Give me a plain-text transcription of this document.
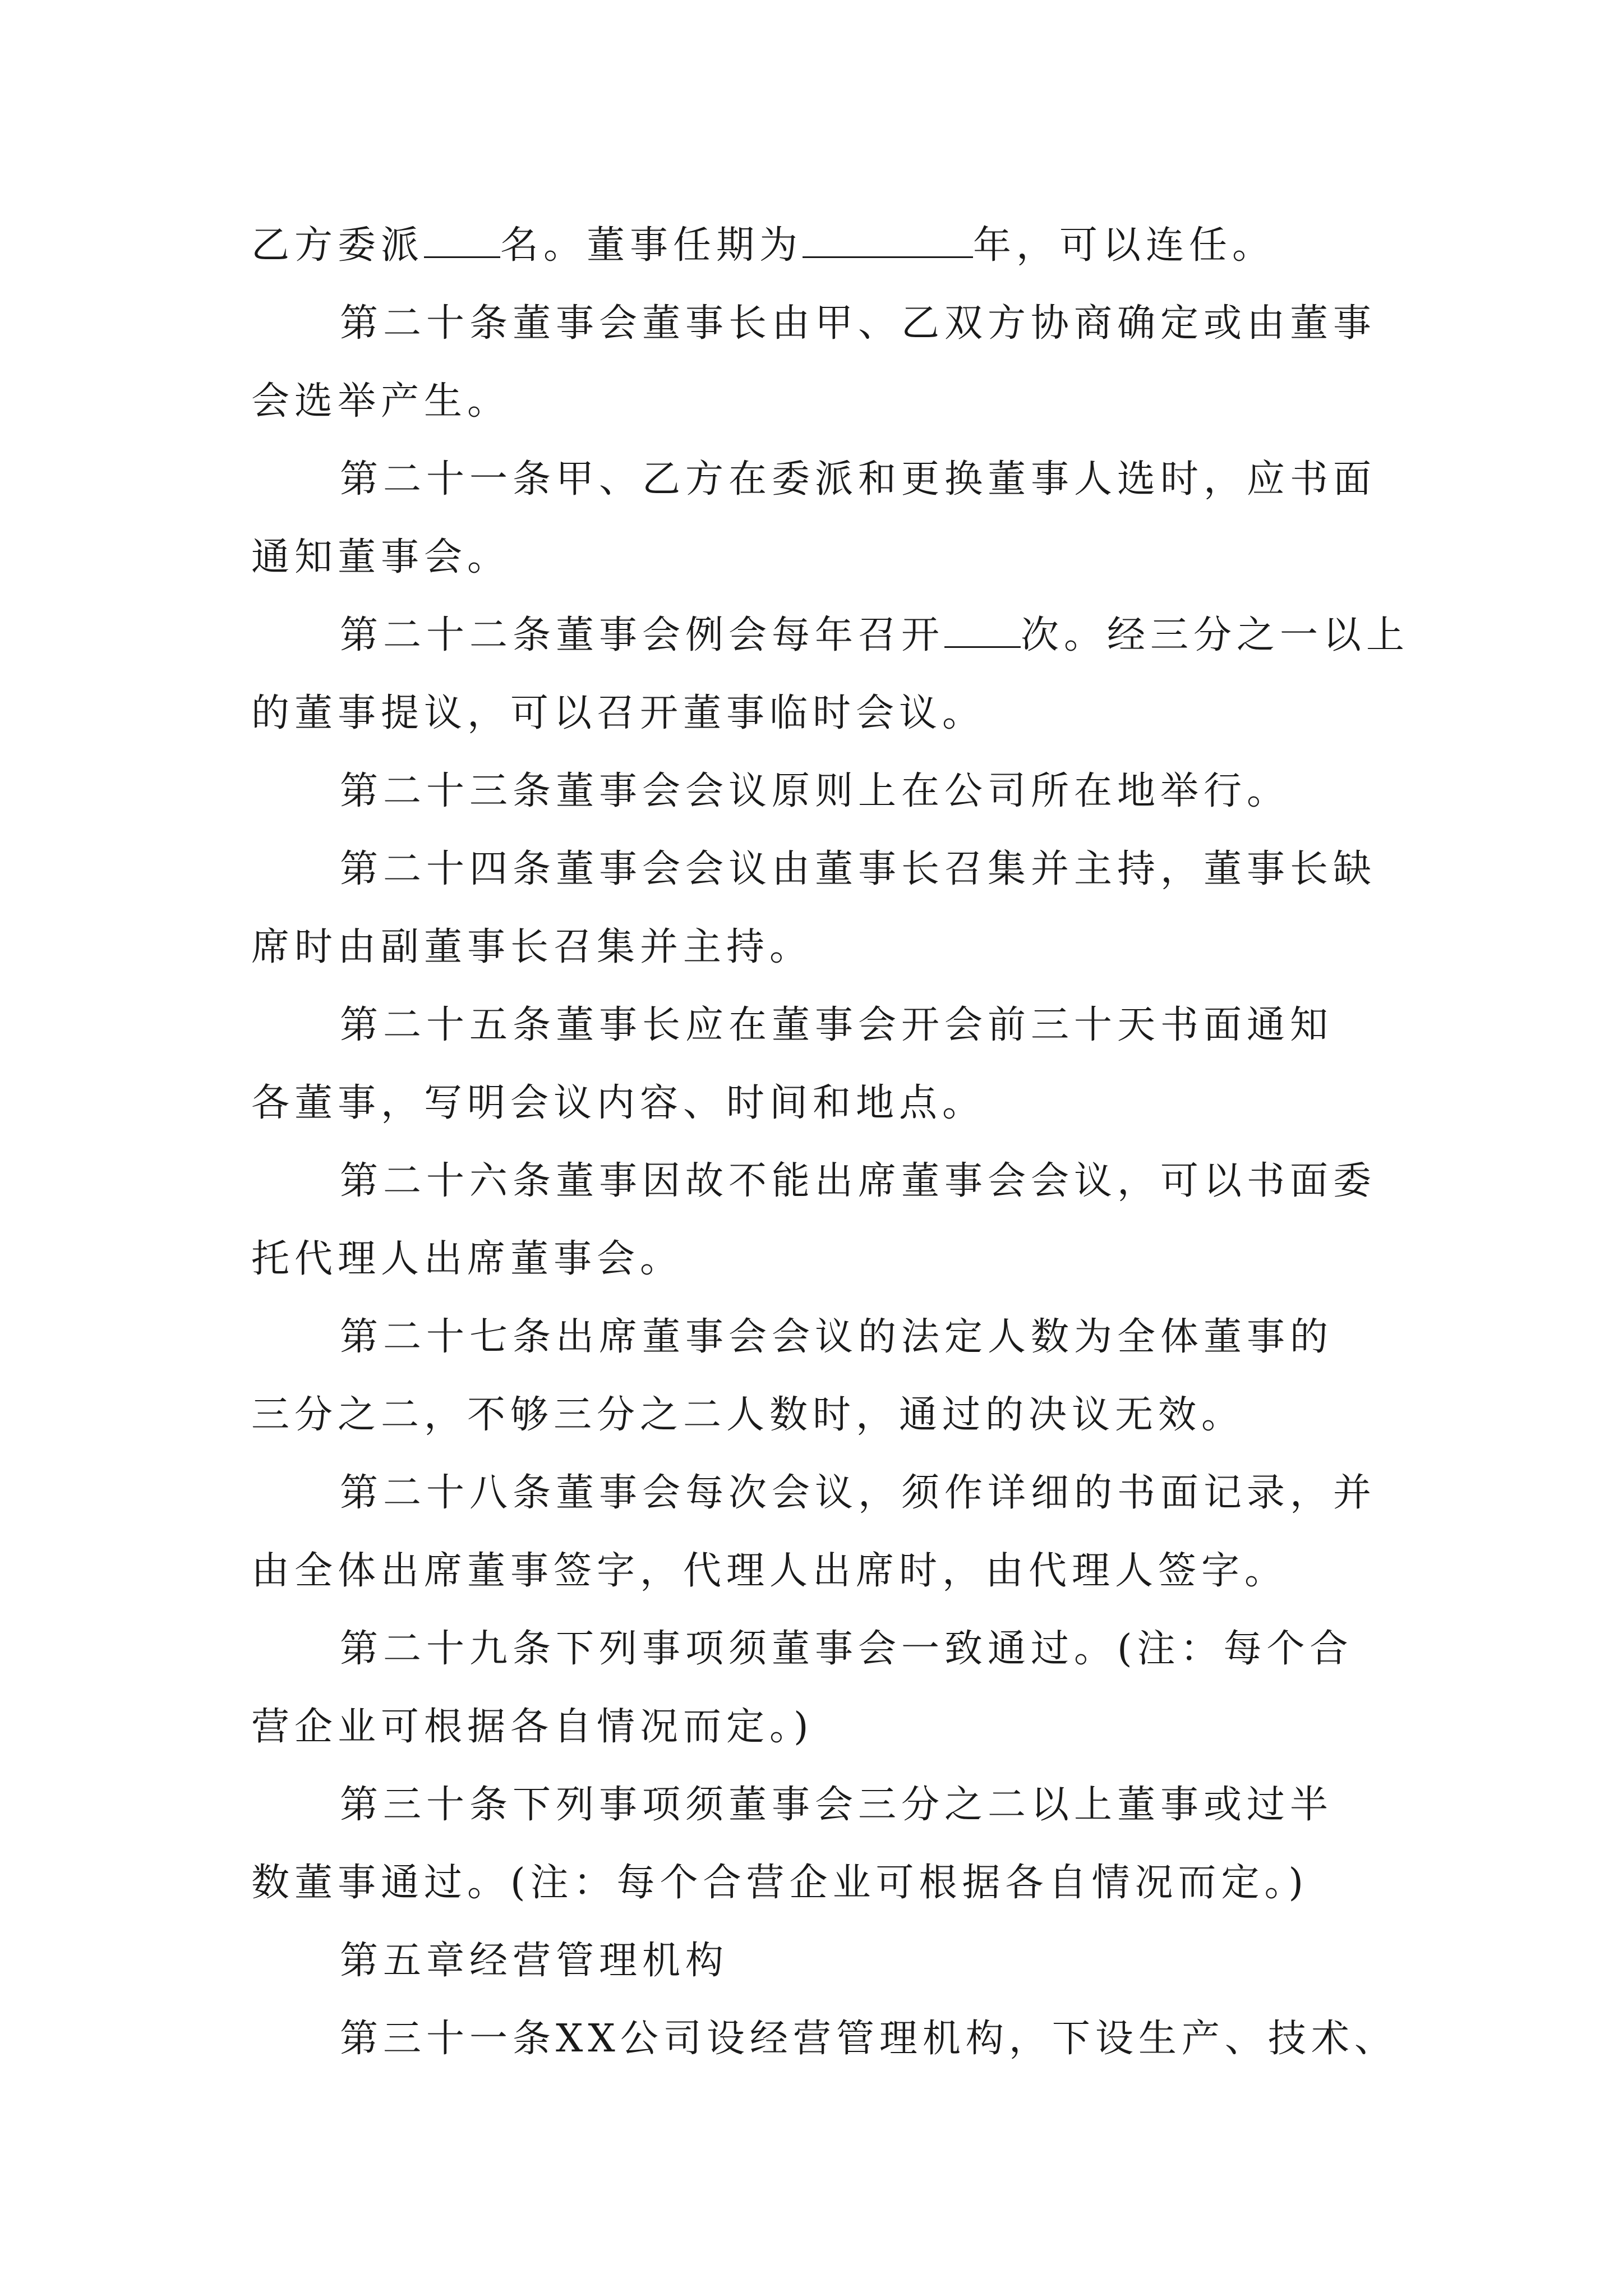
乙方委派 名。董事任期为	年，可以连任。
第二十条董事会董事长由甲、乙双方协商确定或由董事
会选举产生。
第二十一条甲、乙方在委派和更换董事人选时，应书面
通知董事会。
第二十二条董事会例会每年召开 次。经三分之一以上
的董事提议，可以召开董事临时会议。
第二十三条董事会会议原则上在公司所在地举行。
第二十四条董事会会议由董事长召集并主持，董事长缺
席时由副董事长召集并主持。
第二十五条董事长应在董事会开会前三十天书面通知
各董事，写明会议内容、时间和地点。
第二十六条董事因故不能出席董事会会议，可以书面委
托代理人出席董事会。
第二十七条出席董事会会议的法定人数为全体董事的
三分之二，不够三分之二人数时，通过的决议无效。
第二十八条董事会每次会议，须作详细的书面记录，并
由全体出席董事签字，代理人出席时，由代理人签字。
第二十九条下列事项须董事会一致通过。(注：每个合
营企业可根据各自情况而定。)
第三十条下列事项须董事会三分之二以上董事或过半
数董事通过。(注：每个合营企业可根据各自情况而定。)
第五章经营管理机构
第三十一条XX公司设经营管理机构，下设生产、技术、
